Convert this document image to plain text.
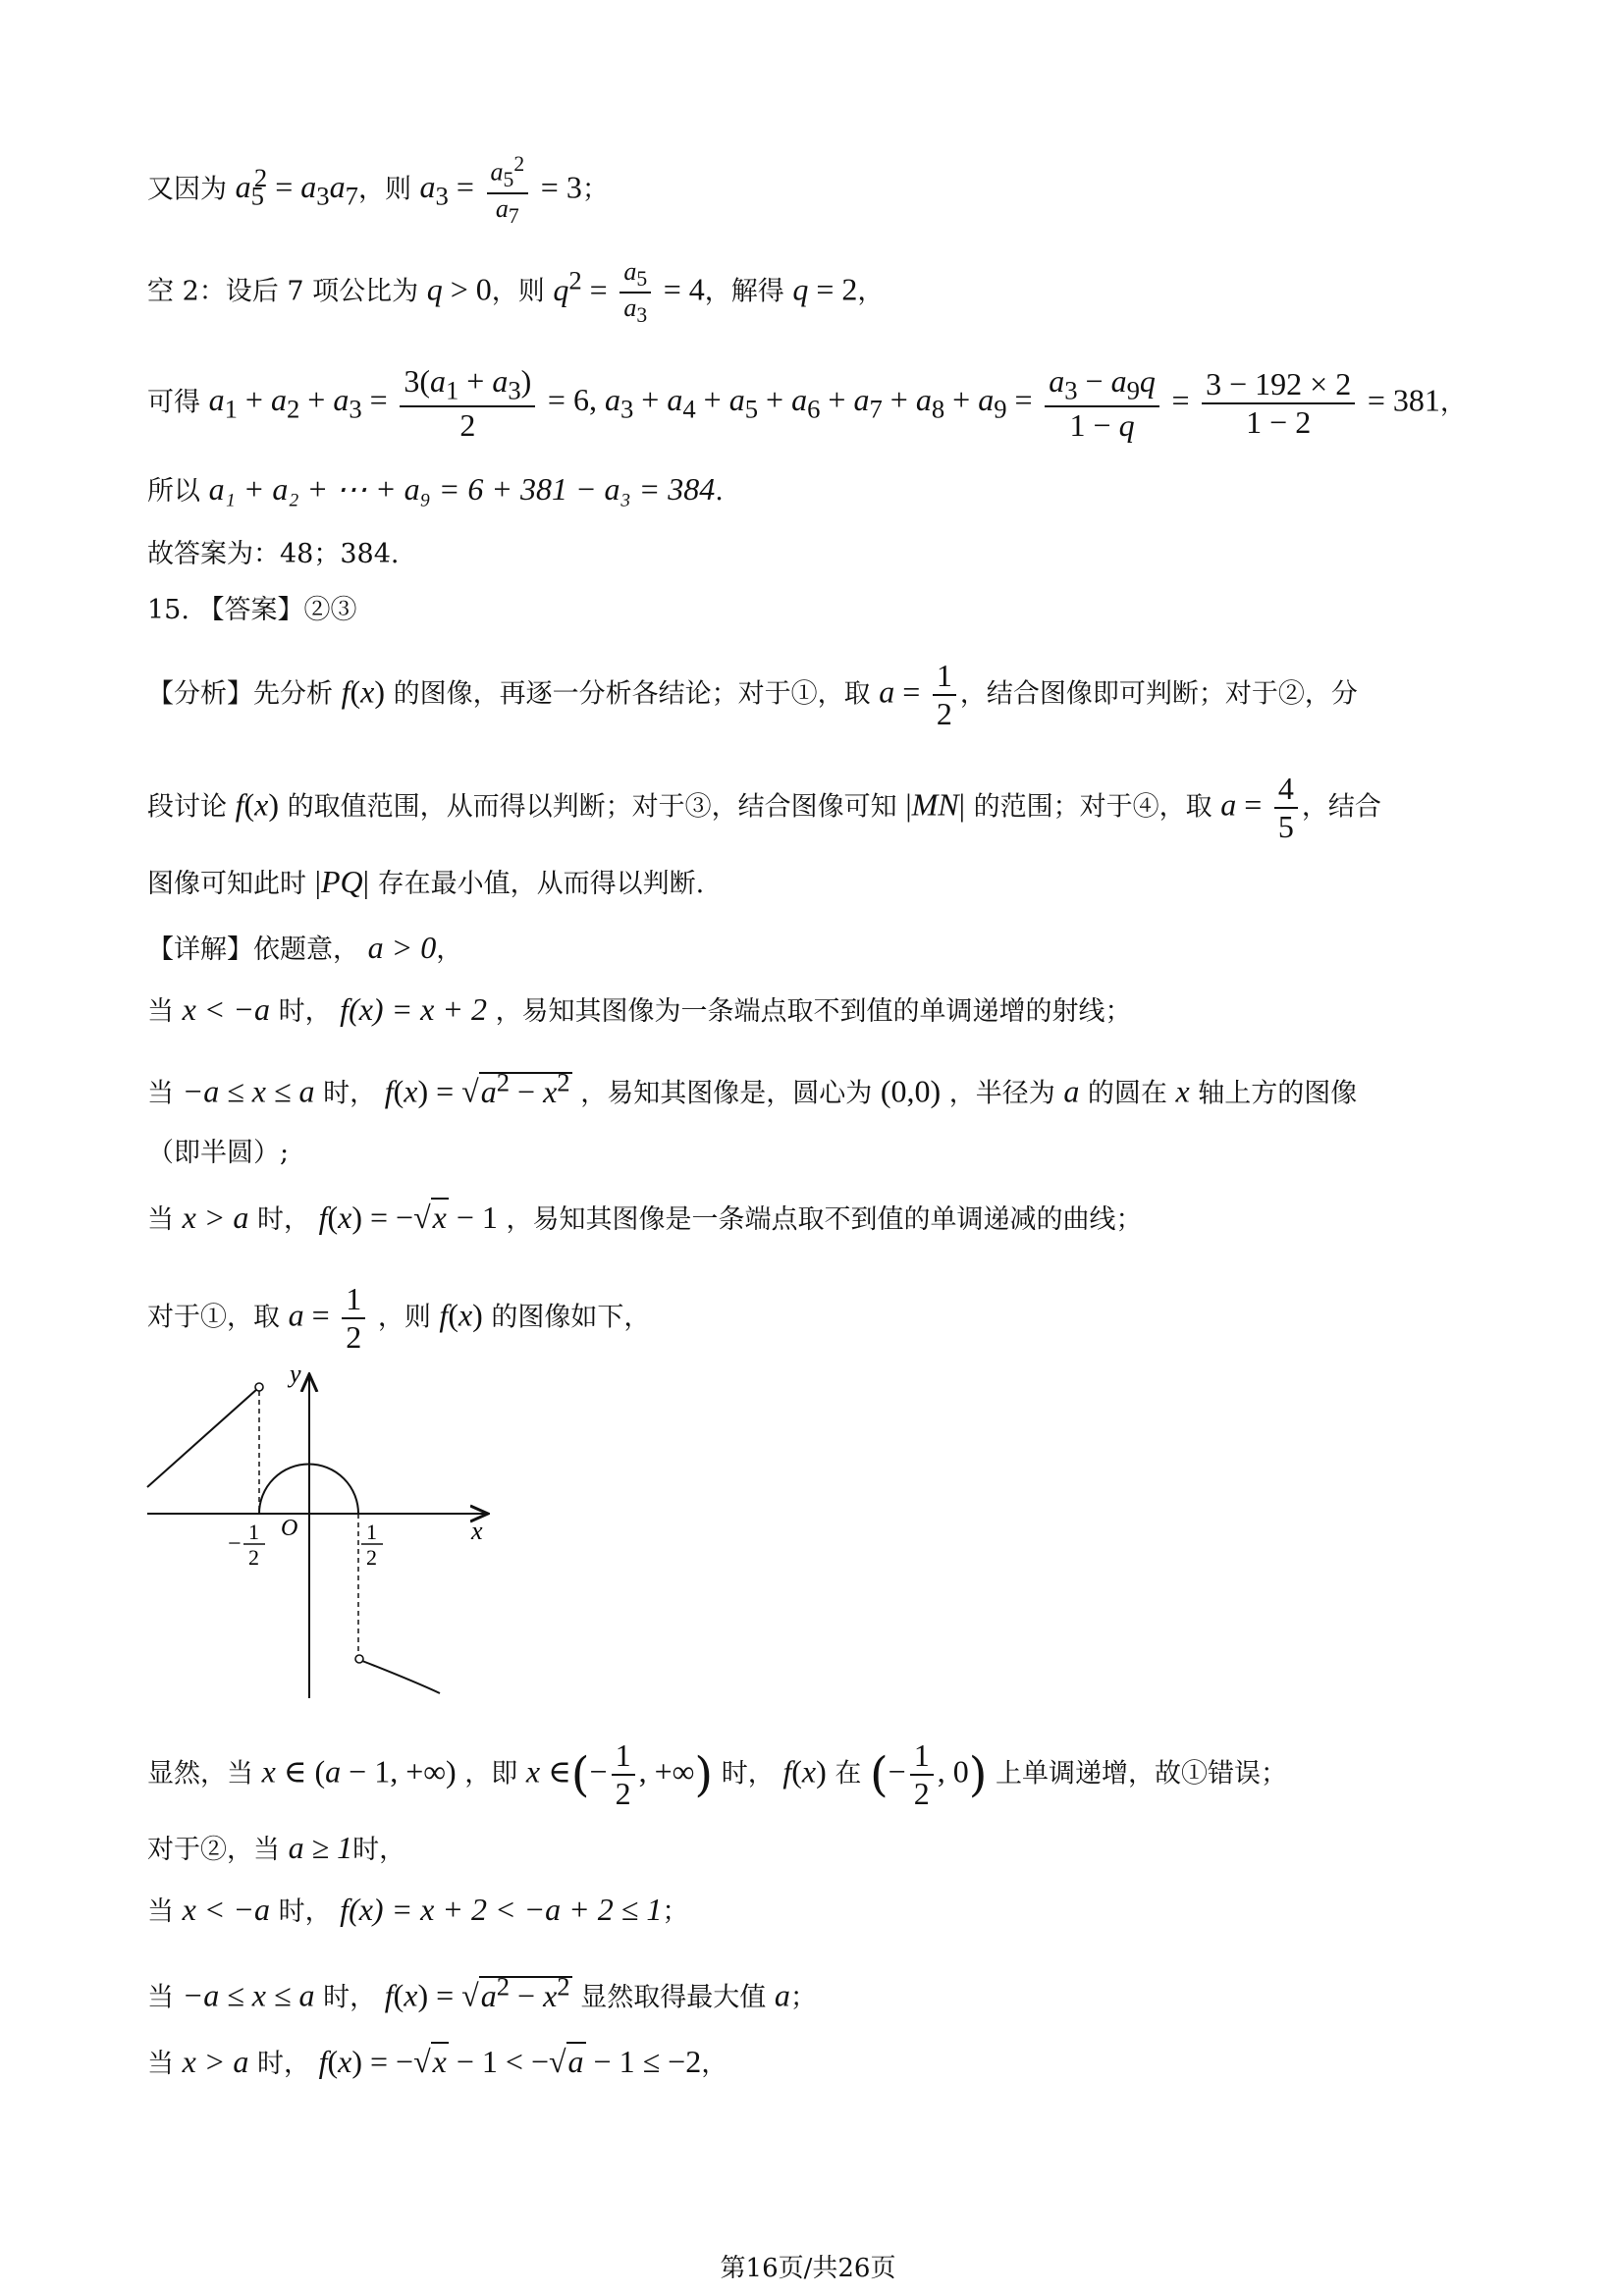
又因为 $a_5^2 = a_3a_7$，则 $a_3 = \frac{a_5^2}{a_7} = 3$；
空 2：设后 7 项公比为 q > 0，则 $q^2 = \frac{a_5}{a_3} = 4$，解得 q = 2，
可得 $a_1 + a_2 + a_3 = \frac{3(a_1 + a_3)}{2} = 6$, $a_3 + a_4 + a_5 + a_6 + a_7 + a_8 + a_9 = \frac{a_3 - a_9q}{1 - q} = \frac{3 - 192 \times 2}{1 - 2} = 381$，
所以 a₁ + a₂ + ⋯ + a₉ = 6 + 381 − a₃ = 384.
故答案为：48；384.
15. 【答案】②③
【分析】先分析 f(x) 的图像，再逐一分析各结论；对于①，取 $a = \frac{1}{2}$ ，结合图像即可判断；对于②，分
段讨论 f(x) 的取值范围，从而得以判断；对于③，结合图像可知 |MN| 的范围；对于④，取 $a = \frac{4}{5}$ ，结合
图像可知此时 |PQ| 存在最小值，从而得以判断.
【详解】依题意， a > 0，
当 x < −a 时， f(x) = x + 2 ，易知其图像为一条端点取不到值的单调递增的射线；
当 −a ≤ x ≤ a 时， $f(x) = √a^2 - x^2$ ，易知其图像是，圆心为 (0,0) ，半径为 a 的圆在 x 轴上方的图像
（即半圆）;
当 x > a 时， f(x) = −√x − 1 ，易知其图像是一条端点取不到值的单调递减的曲线；
对于①，取 $a = \frac{1}{2}$ ，则 f(x) 的图像如下，
y
x
O
− 1
2
1
2
显然，当 x ∈ (a − 1, +∞) ，即 x ∈(− $\frac{1}{2}$ , +∞) 时， f(x) 在 (− $\frac{1}{2}$ , 0) 上单调递增，故①错误；
对于②，当 a ≥ 1时，
当 x < −a 时， f(x) = x + 2 < −a + 2 ≤ 1；
当 −a ≤ x ≤ a 时， $f(x) = √a^2 - x^2$ 显然取得最大值 a；
当 x > a 时， f(x) = −√x − 1 < −√a − 1 ≤ −2，
第16页/共26页
